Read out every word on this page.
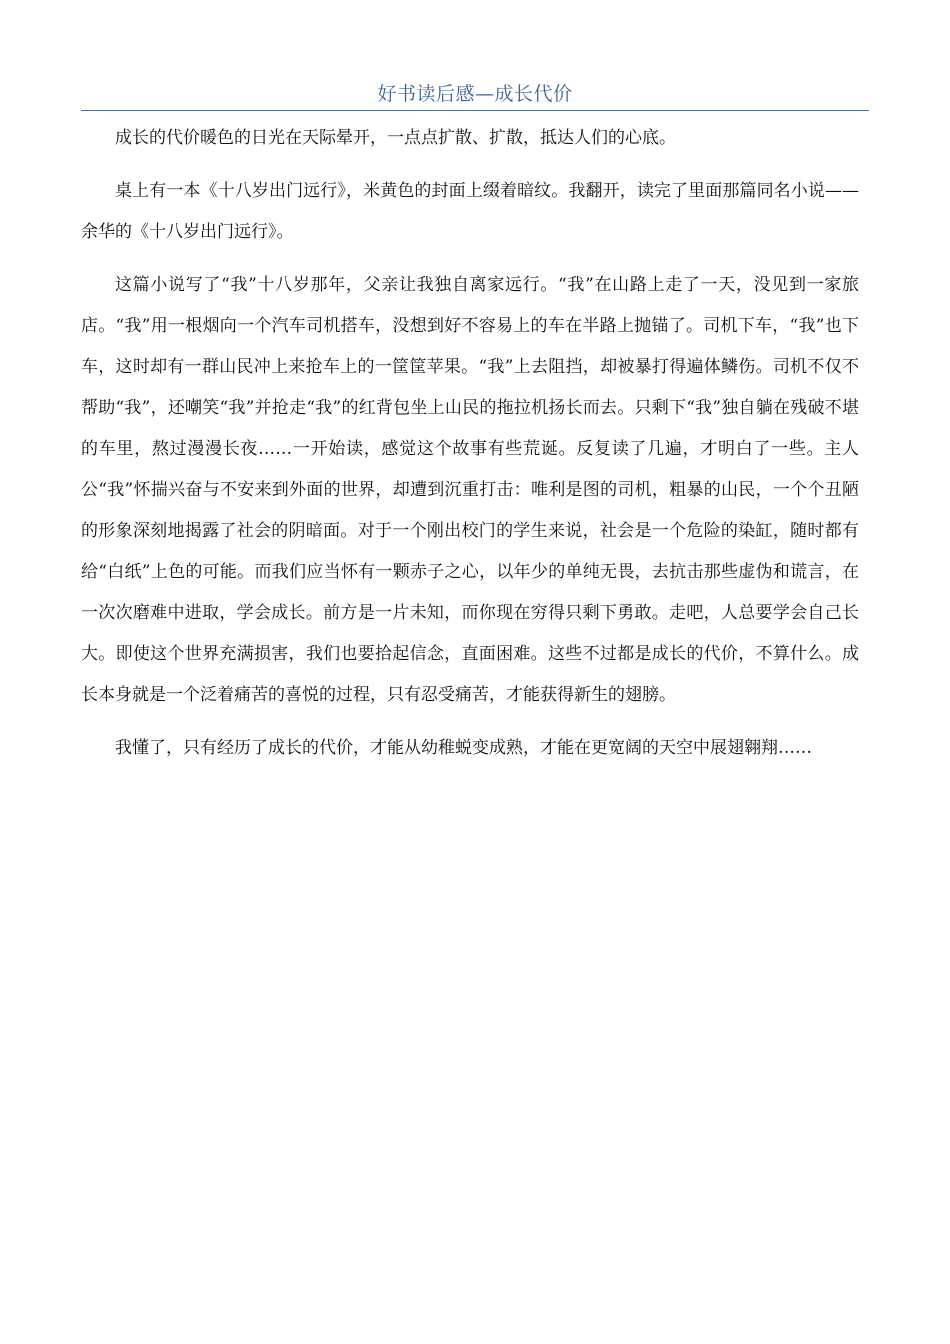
好书读后感—成长代价

成长的代价暖色的日光在天际晕开，一点点扩散、扩散，抵达人们的心底。

桌上有一本《十八岁出门远行》，米黄色的封面上缀着暗纹。我翻开，读完了里面那篇同名小说——余华的《十八岁出门远行》。

这篇小说写了“我”十八岁那年，父亲让我独自离家远行。“我”在山路上走了一天，没见到一家旅店。“我”用一根烟向一个汽车司机搭车，没想到好不容易上的车在半路上抛锚了。司机下车，“我”也下车，这时却有一群山民冲上来抢车上的一筐筐苹果。“我”上去阻挡，却被暴打得遍体鳞伤。司机不仅不帮助“我”，还嘲笑“我”并抢走“我”的红背包坐上山民的拖拉机扬长而去。只剩下“我”独自躺在残破不堪的车里，熬过漫漫长夜……一开始读，感觉这个故事有些荒诞。反复读了几遍，才明白了一些。主人公“我”怀揣兴奋与不安来到外面的世界，却遭到沉重打击：唯利是图的司机，粗暴的山民，一个个丑陋的形象深刻地揭露了社会的阴暗面。对于一个刚出校门的学生来说，社会是一个危险的染缸，随时都有给“白纸”上色的可能。而我们应当怀有一颗赤子之心，以年少的单纯无畏，去抗击那些虚伪和谎言，在一次次磨难中进取，学会成长。前方是一片未知，而你现在穷得只剩下勇敢。走吧，人总要学会自己长大。即使这个世界充满损害，我们也要拾起信念，直面困难。这些不过都是成长的代价，不算什么。成长本身就是一个泛着痛苦的喜悦的过程，只有忍受痛苦，才能获得新生的翅膀。

我懂了，只有经历了成长的代价，才能从幼稚蜕变成熟，才能在更宽阔的天空中展翅翱翔……
